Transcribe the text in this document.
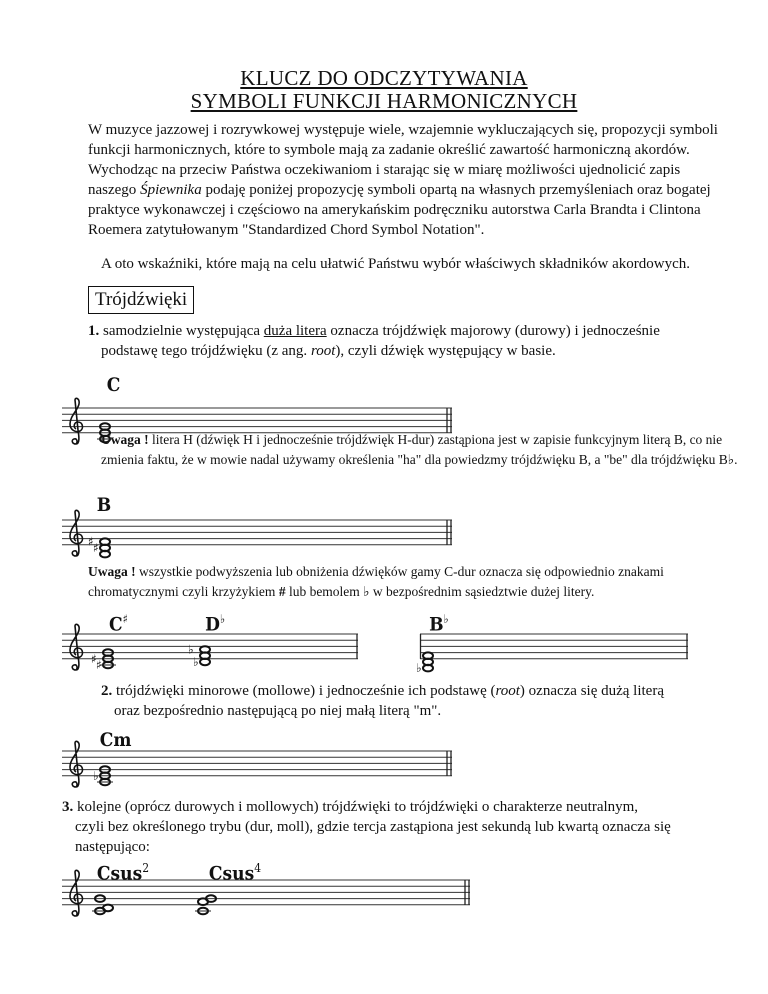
KLUCZ DO ODCZYTYWANIA
SYMBOLI FUNKCJI HARMONICZNYCH

W muzyce jazzowej i rozrywkowej występuje wiele, wzajemnie wykluczających się, propozycji symboli funkcji harmonicznych, które to symbole mają za zadanie określić zawartość harmoniczną akordów.

Wychodząc na przeciw Państwa oczekiwaniom i starając się w miarę możliwości ujednolicić zapis naszego Śpiewnika podaję poniżej propozycję symboli opartą na własnych przemyśleniach oraz bogatej praktyce wykonawczej i częściowo na amerykańskim podręczniku autorstwa Carla Brandta i Clintona Roemera zatytułowanym "Standardized Chord Symbol Notation".

A oto wskaźniki, które mają na celu ułatwić Państwu wybór właściwych składników akordowych.
Trójdźwięki
1. samodzielnie występująca duża litera oznacza trójdźwięk majorowy (durowy) i jednocześnie
podstawę tego trójdźwięku (z ang. root), czyli dźwięk występujący w basie.
Uwaga ! litera H (dźwięk H i jednocześnie trójdźwięk H-dur) zastąpiona jest w zapisie funkcyjnym literą B, co nie zmienia faktu, że w mowie nadal używamy określenia "ha" dla powiedzmy trójdźwięku B, a "be" dla trójdźwięku B♭.
Uwaga ! wszystkie podwyższenia lub obniżenia dźwięków gamy C-dur oznacza się odpowiednio znakami chromatycznymi czyli krzyżykiem # lub bemolem ♭ w bezpośrednim sąsiedztwie dużej litery.
2. trójdźwięki minorowe (mollowe) i jednocześnie ich podstawę (root) oznacza się dużą literą
oraz bezpośrednio następującą po niej małą literą "m".
3. kolejne (oprócz durowych i mollowych) trójdźwięki to trójdźwięki o charakterze neutralnym,
czyli bez określonego trybu (dur, moll), gdzie tercja zastąpiona jest sekundą lub kwartą oznacza się
następująco:
C
B
C♯	D♭	B♭
Cm
Csus$^2$	Csus$^4$
♯
♯
♯
♯	♭
♭
♭
♭
